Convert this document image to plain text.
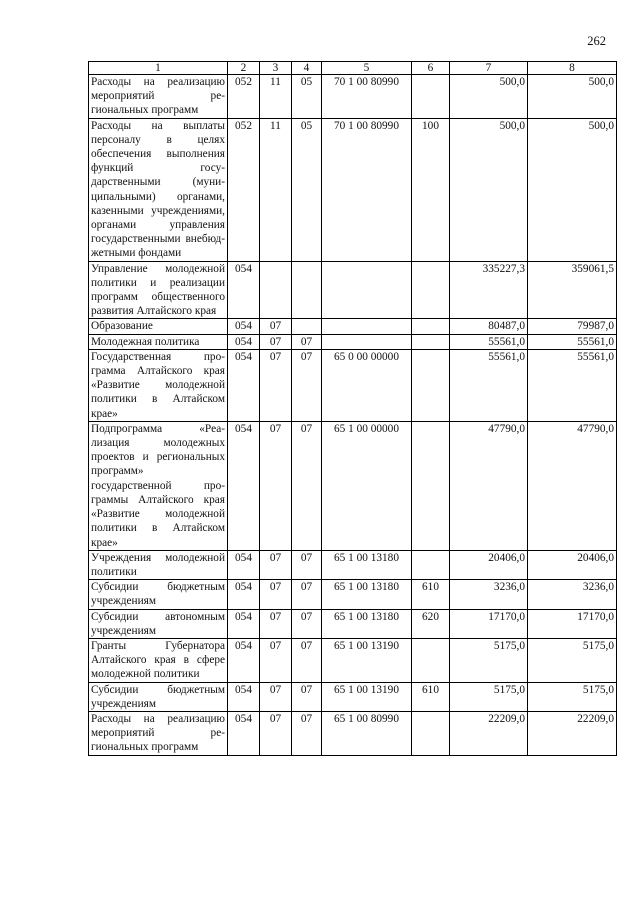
262
1	2	3	4	5	6	7	8
Расходы на реализацию мероприятий региональных программ	052	11	05	70 1 00 80990		500,0	500,0
Расходы на выплаты персоналу в целях обеспечения выполнения функций государственными (муниципальными) органами, казенными учреждениями, органами управления государственными внебюджетными фондами	052	11	05	70 1 00 80990	100	500,0	500,0
Управление молодежной политики и реализации программ общественного развития Алтайского края	054					335227,3	359061,5
Образование	054	07				80487,0	79987,0
Молодежная политика	054	07	07			55561,0	55561,0
Государственная программа Алтайского края «Развитие молодежной политики в Алтайском крае»	054	07	07	65 0 00 00000		55561,0	55561,0
Подпрограмма «Реализация молодежных проектов и региональных программ» государственной программы Алтайского края «Развитие молодежной политики в Алтайском крае»	054	07	07	65 1 00 00000		47790,0	47790,0
Учреждения молодежной политики	054	07	07	65 1 00 13180		20406,0	20406,0
Субсидии бюджетным учреждениям	054	07	07	65 1 00 13180	610	3236,0	3236,0
Субсидии автономным учреждениям	054	07	07	65 1 00 13180	620	17170,0	17170,0
Гранты Губернатора Алтайского края в сфере молодежной политики	054	07	07	65 1 00 13190		5175,0	5175,0
Субсидии бюджетным учреждениям	054	07	07	65 1 00 13190	610	5175,0	5175,0
Расходы на реализацию мероприятий региональных программ	054	07	07	65 1 00 80990		22209,0	22209,0
